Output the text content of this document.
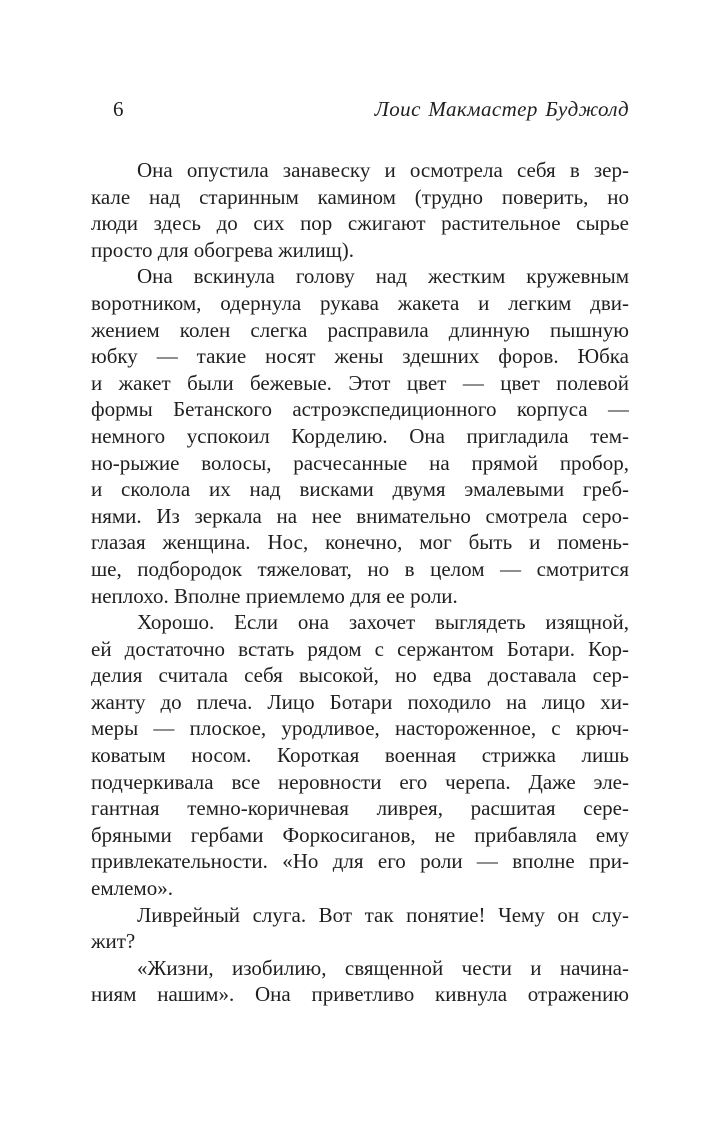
6	Лоис Макмастер Буджолд
Она опустила занавеску и осмотрела себя в зер-
кале над старинным камином (трудно поверить, но
люди здесь до сих пор сжигают растительное сырье
просто для обогрева жилищ).
Она вскинула голову над жестким кружевным
воротником, одернула рукава жакета и легким дви-
жением колен слегка расправила длинную пышную
юбку — такие носят жены здешних форов. Юбка
и жакет были бежевые. Этот цвет — цвет полевой
формы Бетанского астроэкспедиционного корпуса —
немного успокоил Корделию. Она пригладила тем-
но-рыжие волосы, расчесанные на прямой пробор,
и сколола их над висками двумя эмалевыми греб-
нями. Из зеркала на нее внимательно смотрела серо-
глазая женщина. Нос, конечно, мог быть и помень-
ше, подбородок тяжеловат, но в целом — смотрится
неплохо. Вполне приемлемо для ее роли.
Хорошо. Если она захочет выглядеть изящной,
ей достаточно встать рядом с сержантом Ботари. Кор-
делия считала себя высокой, но едва доставала сер-
жанту до плеча. Лицо Ботари походило на лицо хи-
меры — плоское, уродливое, настороженное, с крюч-
коватым носом. Короткая военная стрижка лишь
подчеркивала все неровности его черепа. Даже эле-
гантная темно-коричневая ливрея, расшитая сере-
бряными гербами Форкосиганов, не прибавляла ему
привлекательности. «Но для его роли — вполне при-
емлемо».
Ливрейный слуга. Вот так понятие! Чему он слу-
жит?
«Жизни, изобилию, священной чести и начина-
ниям нашим». Она приветливо кивнула отражению
